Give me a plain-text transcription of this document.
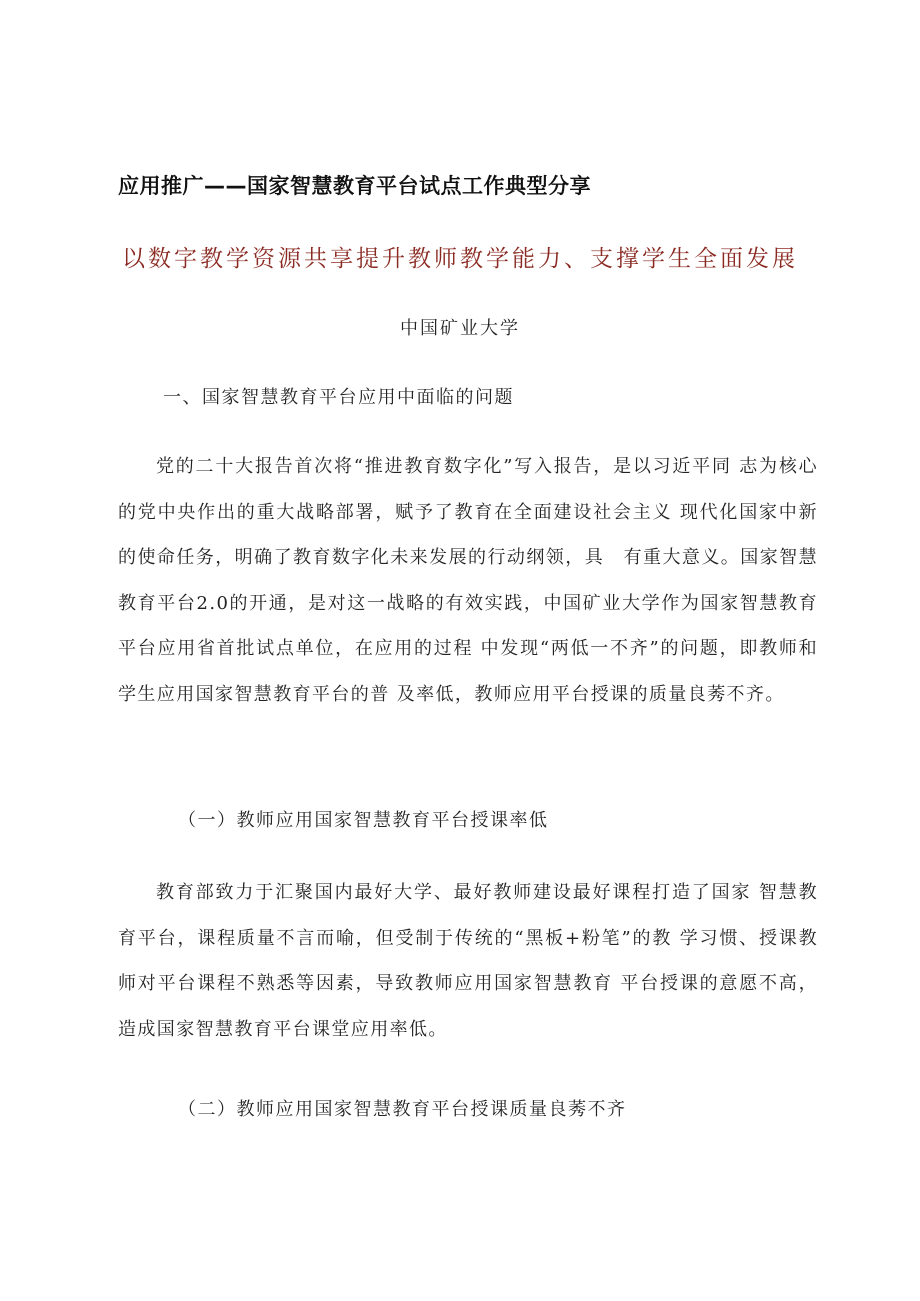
应用推广——国家智慧教育平台试点工作典型分享
以数字教学资源共享提升教师教学能力、支撑学生全面发展
中国矿业大学
一、国家智慧教育平台应用中面临的问题

党的二十大报告首次将“推进教育数字化”写入报告，是以习近平同 志为核心的党中央作出的重大战略部署，赋予了教育在全面建设社会主义 现代化国家中新的使命任务，明确了教育数字化未来发展的行动纲领，具　有重大意义。国家智慧教育平台2.0的开通，是对这一战略的有效实践，中国矿业大学作为国家智慧教育平台应用省首批试点单位，在应用的过程 中发现“两低一不齐”的问题，即教师和学生应用国家智慧教育平台的普 及率低，教师应用平台授课的质量良莠不齐。

（一）教师应用国家智慧教育平台授课率低

教育部致力于汇聚国内最好大学、最好教师建设最好课程打造了国家 智慧教育平台，课程质量不言而喻，但受制于传统的“黑板+粉笔”的教 学习惯、授课教师对平台课程不熟悉等因素，导致教师应用国家智慧教育 平台授课的意愿不高，造成国家智慧教育平台课堂应用率低。

（二）教师应用国家智慧教育平台授课质量良莠不齐
